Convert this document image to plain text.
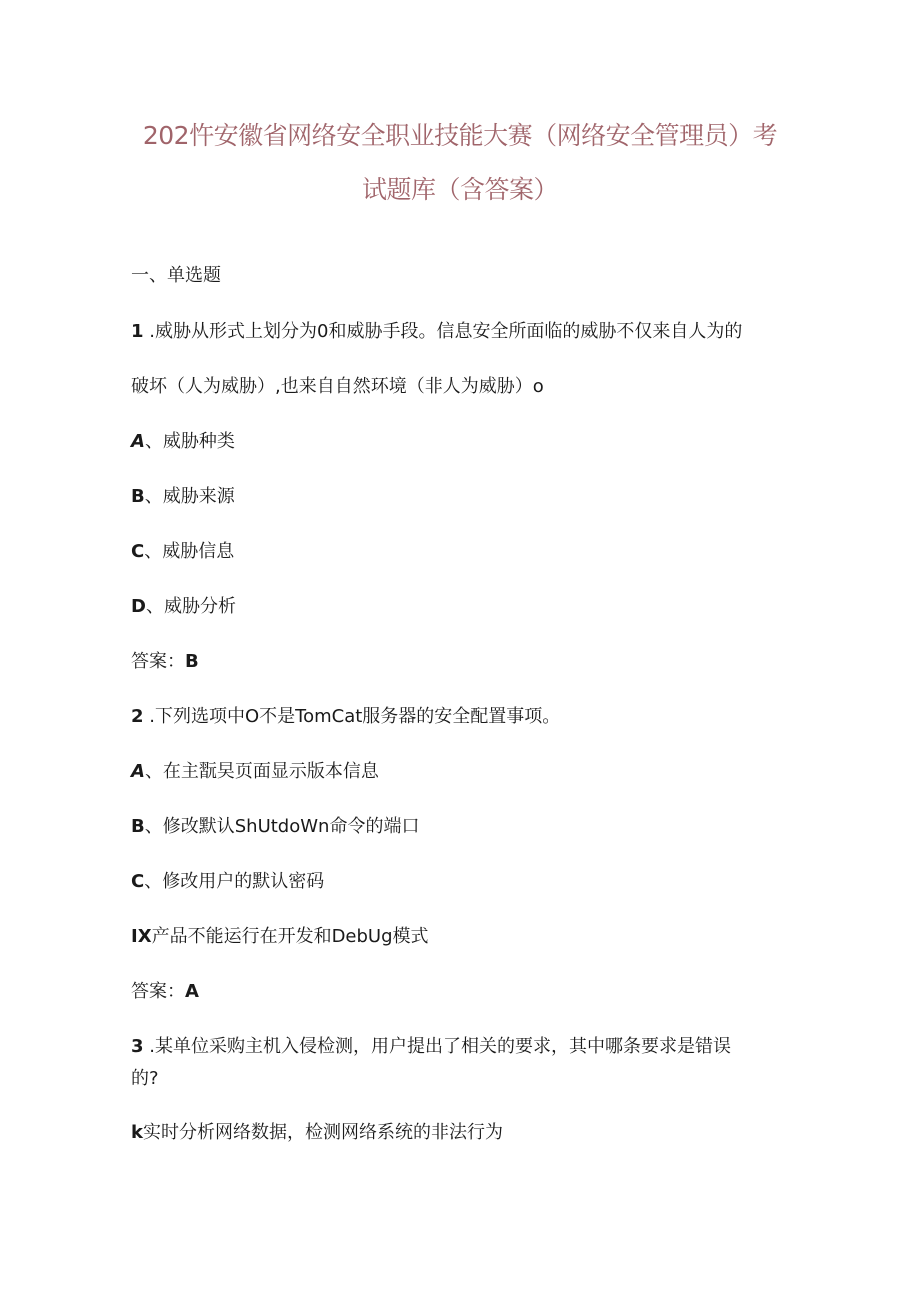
202忤安徽省网络安全职业技能大赛（网络安全管理员）考
试题库（含答案）
一、单选题
1 .威胁从形式上划分为0和威胁手段。信息安全所面临的威胁不仅来自人为的
破坏（人为威胁）,也来自自然环境（非人为威胁）o
A、威胁种类
B、威胁来源
C、威胁信息
D、威胁分析
答案：B
2 .下列选项中O不是TomCat服务器的安全配置事项。
A、在主翫旲页面显示版本信息
B、修改默认ShUtdoWn命令的端口
C、修改用户的默认密码
IX产品不能运行在开发和DebUg模式
答案：A
3 .某单位采购主机入侵检测，用户提出了相关的要求，其中哪条要求是错误
的?
k实时分析网络数据，检测网络系统的非法行为
